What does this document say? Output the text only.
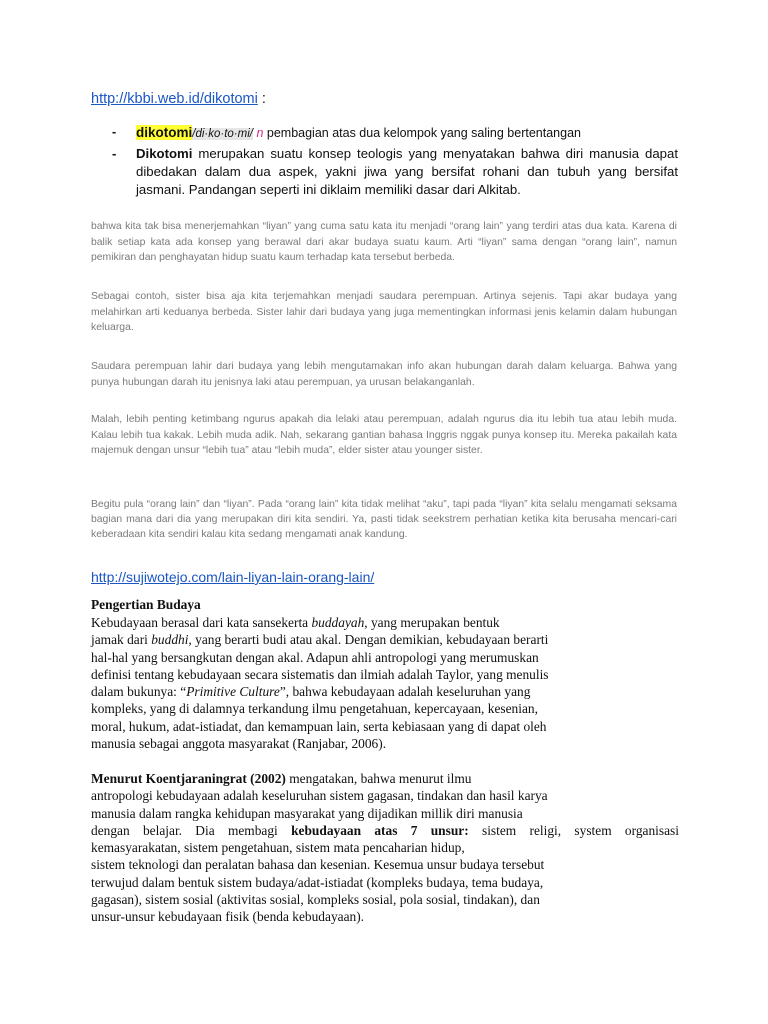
http://kbbi.web.id/dikotomi :
- dikotomi/di·ko·to·mi/ n pembagian atas dua kelompok yang saling bertentangan
- Dikotomi merupakan suatu konsep teologis yang menyatakan bahwa diri manusia dapat dibedakan dalam dua aspek, yakni jiwa yang bersifat rohani dan tubuh yang bersifat jasmani. Pandangan seperti ini diklaim memiliki dasar dari Alkitab.

bahwa kita tak bisa menerjemahkan “liyan” yang cuma satu kata itu menjadi “orang lain” yang terdiri atas dua kata. Karena di balik setiap kata ada konsep yang berawal dari akar budaya suatu kaum. Arti “liyan” sama dengan “orang lain”, namun pemikiran dan penghayatan hidup suatu kaum terhadap kata tersebut berbeda.

Sebagai contoh, sister bisa aja kita terjemahkan menjadi saudara perempuan. Artinya sejenis. Tapi akar budaya yang melahirkan arti keduanya berbeda. Sister lahir dari budaya yang juga mementingkan informasi jenis kelamin dalam hubungan keluarga.

Saudara perempuan lahir dari budaya yang lebih mengutamakan info akan hubungan darah dalam keluarga. Bahwa yang punya hubungan darah itu jenisnya laki atau perempuan, ya urusan belakanganlah.

Malah, lebih penting ketimbang ngurus apakah dia lelaki atau perempuan, adalah ngurus dia itu lebih tua atau lebih muda. Kalau lebih tua kakak. Lebih muda adik. Nah, sekarang gantian bahasa Inggris nggak punya konsep itu. Mereka pakailah kata majemuk dengan unsur “lebih tua” atau “lebih muda”, elder sister atau younger sister.

Begitu pula “orang lain” dan “liyan”. Pada “orang lain” kita tidak melihat “aku”, tapi pada “liyan” kita selalu mengamati seksama bagian mana dari dia yang merupakan diri kita sendiri. Ya, pasti tidak seekstrem perhatian ketika kita berusaha mencari-cari keberadaan kita sendiri kalau kita sedang mengamati anak kandung.

http://sujiwotejo.com/lain-liyan-lain-orang-lain/

Pengertian Budaya

Kebudayaan berasal dari kata sansekerta buddayah, yang merupakan bentuk
jamak dari buddhi, yang berarti budi atau akal. Dengan demikian, kebudayaan berarti
hal-hal yang bersangkutan dengan akal. Adapun ahli antropologi yang merumuskan
definisi tentang kebudayaan secara sistematis dan ilmiah adalah Taylor, yang menulis
dalam bukunya: “Primitive Culture”, bahwa kebudayaan adalah keseluruhan yang
kompleks, yang di dalamnya terkandung ilmu pengetahuan, kepercayaan, kesenian,
moral, hukum, adat-istiadat, dan kemampuan lain, serta kebiasaan yang di dapat oleh
manusia sebagai anggota masyarakat (Ranjabar, 2006).
Menurut Koentjaraningrat (2002) mengatakan, bahwa menurut ilmu
antropologi kebudayaan adalah keseluruhan sistem gagasan, tindakan dan hasil karya
manusia dalam rangka kehidupan masyarakat yang dijadikan millik diri manusia
dengan belajar. Dia membagi kebudayaan atas 7 unsur: sistem religi, system organisasi
kemasyarakatan, sistem pengetahuan, sistem mata pencaharian hidup,
sistem teknologi dan peralatan bahasa dan kesenian. Kesemua unsur budaya tersebut
terwujud dalam bentuk sistem budaya/adat-istiadat (kompleks budaya, tema budaya,
gagasan), sistem sosial (aktivitas sosial, kompleks sosial, pola sosial, tindakan), dan
unsur-unsur kebudayaan fisik (benda kebudayaan).
